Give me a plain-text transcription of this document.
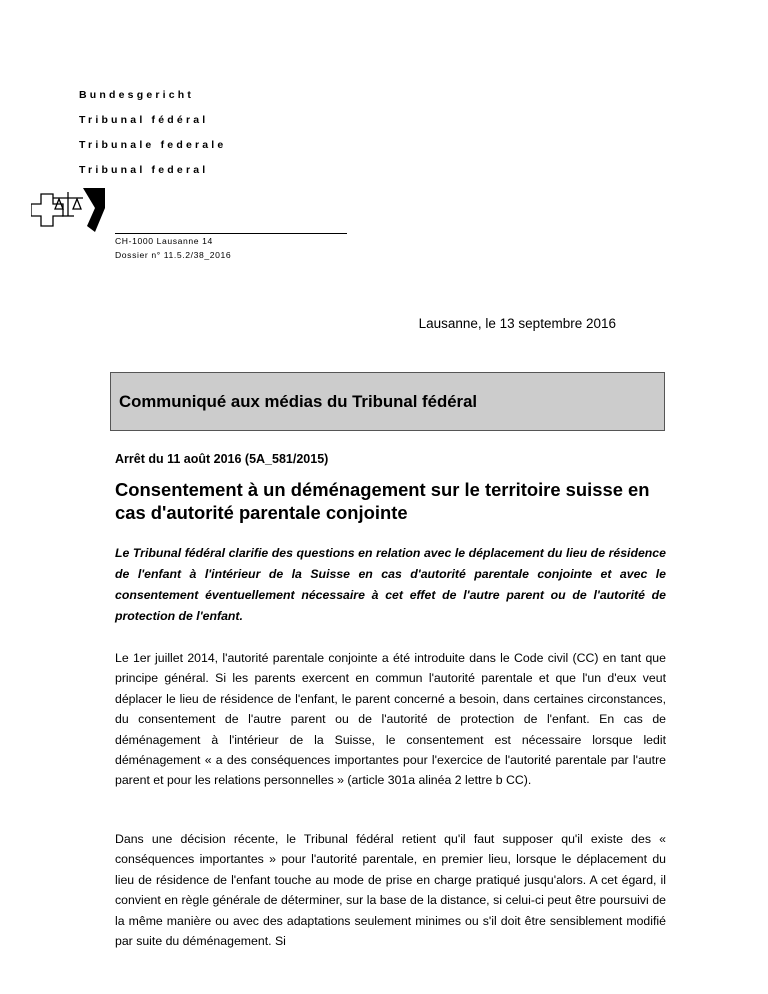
Bundesgericht

Tribunal fédéral

Tribunale federale

Tribunal federal

CH-1000 Lausanne 14

Dossier n° 11.5.2/38_2016

Lausanne, le 13 septembre 2016

Communiqué aux médias du Tribunal fédéral

Arrêt du 11 août 2016 (5A_581/2015)

Consentement à un déménagement sur le territoire suisse en cas d'autorité parentale conjointe

Le Tribunal fédéral clarifie des questions en relation avec le déplacement du lieu de résidence de l'enfant à l'intérieur de la Suisse en cas d'autorité parentale conjointe et avec le consentement éventuellement nécessaire à cet effet de l'autre parent ou de l'autorité de protection de l'enfant.

Le 1er juillet 2014, l'autorité parentale conjointe a été introduite dans le Code civil (CC) en tant que principe général. Si les parents exercent en commun l'autorité parentale et que l'un d'eux veut déplacer le lieu de résidence de l'enfant, le parent concerné a besoin, dans certaines circonstances, du consentement de l'autre parent ou de l'autorité de protection de l'enfant. En cas de déménagement à l'intérieur de la Suisse, le consentement est nécessaire lorsque ledit déménagement « a des conséquences importantes pour l'exercice de l'autorité parentale par l'autre parent et pour les relations personnelles » (article 301a alinéa 2 lettre b CC).

Dans une décision récente, le Tribunal fédéral retient qu'il faut supposer qu'il existe des « conséquences importantes » pour l'autorité parentale, en premier lieu, lorsque le déplacement du lieu de résidence de l'enfant touche au mode de prise en charge pratiqué jusqu'alors. A cet égard, il convient en règle générale de déterminer, sur la base de la distance, si celui-ci peut être poursuivi de la même manière ou avec des adaptations seulement minimes ou s'il doit être sensiblement modifié par suite du déménagement. Si
